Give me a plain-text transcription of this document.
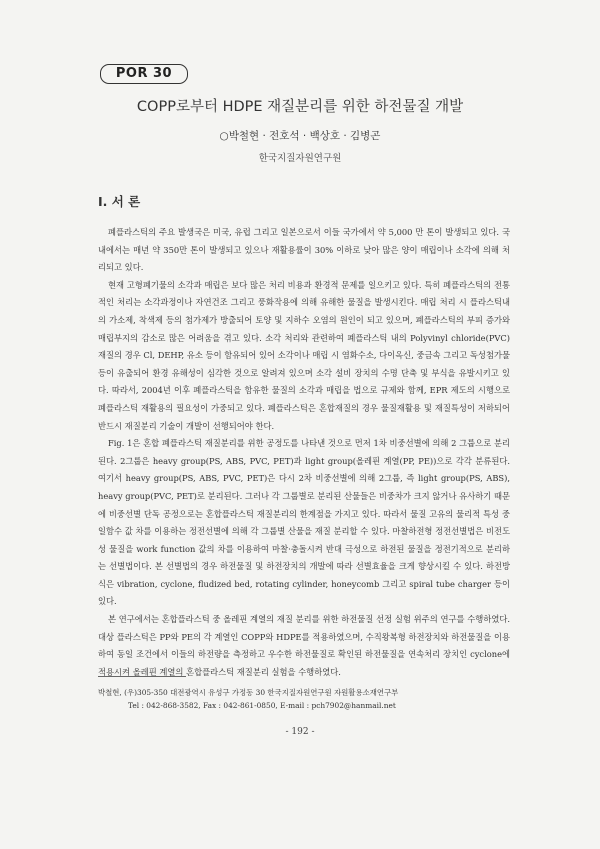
POR 30
COPP로부터 HDPE 재질분리를 위한 하전물질 개발
○박철현 · 전호석 · 백상호 · 김병곤
한국지질자원연구원
Ⅰ. 서 론

폐플라스틱의 주요 발생국은 미국, 유럽 그리고 일본으로서 이들 국가에서 약 5,000 만 톤이 발생되고 있다. 국내에서는 매년 약 350만 톤이 발생되고 있으나 재활용률이 30% 이하로 낮아 많은 양이 매립이나 소각에 의해 처리되고 있다.

현재 고형폐기물의 소각과 매립은 보다 많은 처리 비용과 환경적 문제를 일으키고 있다. 특히 폐플라스틱의 전통적인 처리는 소각과정이나 자연건조 그리고 풍화작용에 의해 유해한 물질을 발생시킨다. 매립 처리 시 플라스틱내의 가소제, 착색제 등의 첨가제가 방출되어 토양 및 지하수 오염의 원인이 되고 있으며, 폐플라스틱의 부피 증가와 매립부지의 감소로 많은 어려움을 겪고 있다. 소각 처리와 관련하여 폐플라스틱 내의 Polyvinyl chloride(PVC) 재질의 경우 Cl, DEHP, 유소 등이 함유되어 있어 소각이나 매립 시 염화수소, 다이옥신, 중금속 그리고 독성첨가물 등이 유출되어 환경 유해성이 심각한 것으로 알려져 있으며 소각 설비 장치의 수명 단축 및 부식을 유발시키고 있다. 따라서, 2004년 이후 폐플라스틱을 함유한 물질의 소각과 매립을 법으로 규제와 함께, EPR 제도의 시행으로 폐플라스틱 재활용의 필요성이 가중되고 있다. 폐플라스틱은 혼합재질의 경우 물질재활용 및 재질특성이 저하되어 반드시 재질분리 기술이 개발이 선행되어야 한다.

Fig. 1은 혼합 폐플라스틱 재질분리를 위한 공정도를 나타낸 것으로 먼저 1차 비중선별에 의해 2 그룹으로 분리된다. 2그룹은 heavy group(PS, ABS, PVC, PET)과 light group(올레핀 계열(PP, PE))으로 각각 분류된다. 여기서 heavy group(PS, ABS, PVC, PET)은 다시 2차 비중선별에 의해 2그룹, 즉 light group(PS, ABS), heavy group(PVC, PET)로 분리된다. 그러나 각 그룹별로 분리된 산물들은 비중차가 크지 않거나 유사하기 때문에 비중선별 단독 공정으로는 혼합플라스틱 재질분리의 한계점을 가지고 있다. 따라서 물질 고유의 물리적 특성 중 일함수 값 차를 이용하는 정전선별에 의해 각 그룹별 산물을 재질 분리할 수 있다. 마찰하전형 정전선별법은 비전도성 물질을 work function 값의 차를 이용하여 마찰·충돌시켜 반대 극성으로 하전된 물질을 정전기적으로 분리하는 선별법이다. 본 선별법의 경우 하전물질 및 하전장치의 개발에 따라 선별효율을 크게 향상시킬 수 있다. 하전방식은 vibration, cyclone, fludized bed, rotating cylinder, honeycomb 그리고 spiral tube charger 등이 있다.

본 연구에서는 혼합플라스틱 중 올레핀 계열의 재질 분리를 위한 하전물질 선정 실험 위주의 연구를 수행하였다. 대상 플라스틱은 PP와 PE의 각 계열인 COPP와 HDPE를 적용하였으며, 수직왕복형 하전장치와 하전물질을 이용하여 동일 조건에서 이들의 하전량을 측정하고 우수한 하전물질로 확인된 하전물질을 연속처리 장치인 cyclone에 적용시켜 올레핀 계열의 혼합플라스틱 재질분리 실험을 수행하였다.

박철현, (우)305-350 대전광역시 유성구 가정동 30 한국지질자원연구원 자원활용소재연구부
Tel : 042-868-3582, Fax : 042-861-0850, E-mail : pch7902@hanmail.net
- 192 -
